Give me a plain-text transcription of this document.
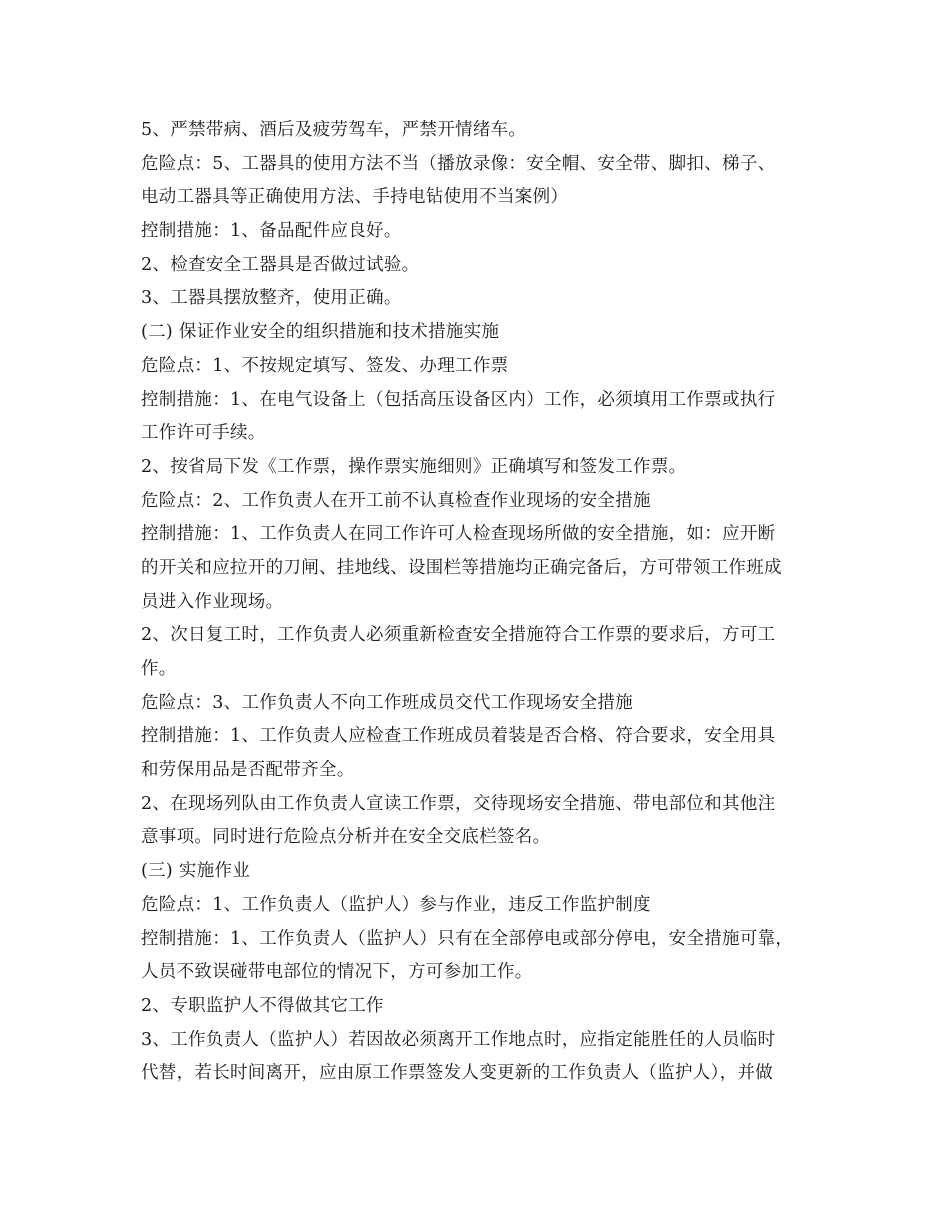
5、严禁带病、酒后及疲劳驾车，严禁开情绪车。
危险点：5、工器具的使用方法不当（播放录像：安全帽、安全带、脚扣、梯子、
电动工器具等正确使用方法、手持电钻使用不当案例）
控制措施：1、备品配件应良好。
2、检查安全工器具是否做过试验。
3、工器具摆放整齐，使用正确。
(二) 保证作业安全的组织措施和技术措施实施
危险点：1、不按规定填写、签发、办理工作票
控制措施：1、在电气设备上（包括高压设备区内）工作，必须填用工作票或执行
工作许可手续。
2、按省局下发《工作票，操作票实施细则》正确填写和签发工作票。
危险点：2、工作负责人在开工前不认真检查作业现场的安全措施
控制措施：1、工作负责人在同工作许可人检查现场所做的安全措施，如：应开断
的开关和应拉开的刀闸、挂地线、设围栏等措施均正确完备后，方可带领工作班成
员进入作业现场。
2、次日复工时，工作负责人必须重新检查安全措施符合工作票的要求后，方可工
作。
危险点：3、工作负责人不向工作班成员交代工作现场安全措施
控制措施：1、工作负责人应检查工作班成员着装是否合格、符合要求，安全用具
和劳保用品是否配带齐全。
2、在现场列队由工作负责人宣读工作票，交待现场安全措施、带电部位和其他注
意事项。同时进行危险点分析并在安全交底栏签名。
(三) 实施作业
危险点：1、工作负责人（监护人）参与作业，违反工作监护制度
控制措施：1、工作负责人（监护人）只有在全部停电或部分停电，安全措施可靠，
人员不致误碰带电部位的情况下，方可参加工作。
2、专职监护人不得做其它工作
3、工作负责人（监护人）若因故必须离开工作地点时，应指定能胜任的人员临时
代替，若长时间离开，应由原工作票签发人变更新的工作负责人（监护人），并做
